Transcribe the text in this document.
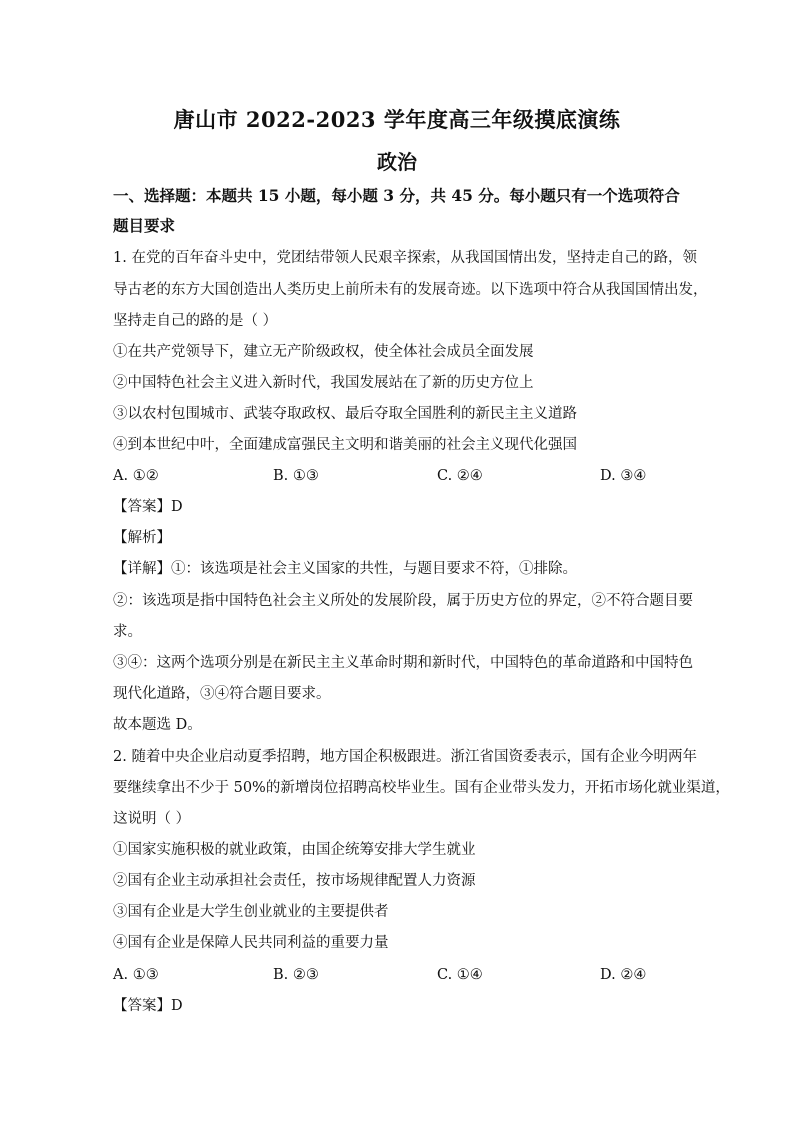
唐山市 2022-2023 学年度高三年级摸底演练
政治
一、选择题：本题共 15 小题，每小题 3 分，共 45 分。每小题只有一个选项符合
题目要求
1. 在党的百年奋斗史中，党团结带领人民艰辛探索，从我国国情出发，坚持走自己的路，领
导古老的东方大国创造出人类历史上前所未有的发展奇迹。以下选项中符合从我国国情出发，
坚持走自己的路的是（ ）
①在共产党领导下，建立无产阶级政权，使全体社会成员全面发展
②中国特色社会主义进入新时代，我国发展站在了新的历史方位上
③以农村包围城市、武装夺取政权、最后夺取全国胜利的新民主主义道路
④到本世纪中叶，全面建成富强民主文明和谐美丽的社会主义现代化强国
A. ①②	B. ①③	C. ②④	D. ③④
【答案】D
【解析】
【详解】①：该选项是社会主义国家的共性，与题目要求不符，①排除。
②：该选项是指中国特色社会主义所处的发展阶段，属于历史方位的界定，②不符合题目要
求。
③④：这两个选项分别是在新民主主义革命时期和新时代，中国特色的革命道路和中国特色
现代化道路，③④符合题目要求。
故本题选 D。
2. 随着中央企业启动夏季招聘，地方国企积极跟进。浙江省国资委表示，国有企业今明两年
要继续拿出不少于 50%的新增岗位招聘高校毕业生。国有企业带头发力，开拓市场化就业渠道，
这说明（ ）
①国家实施积极的就业政策，由国企统筹安排大学生就业
②国有企业主动承担社会责任，按市场规律配置人力资源
③国有企业是大学生创业就业的主要提供者
④国有企业是保障人民共同利益的重要力量
A. ①③	B. ②③	C. ①④	D. ②④
【答案】D
